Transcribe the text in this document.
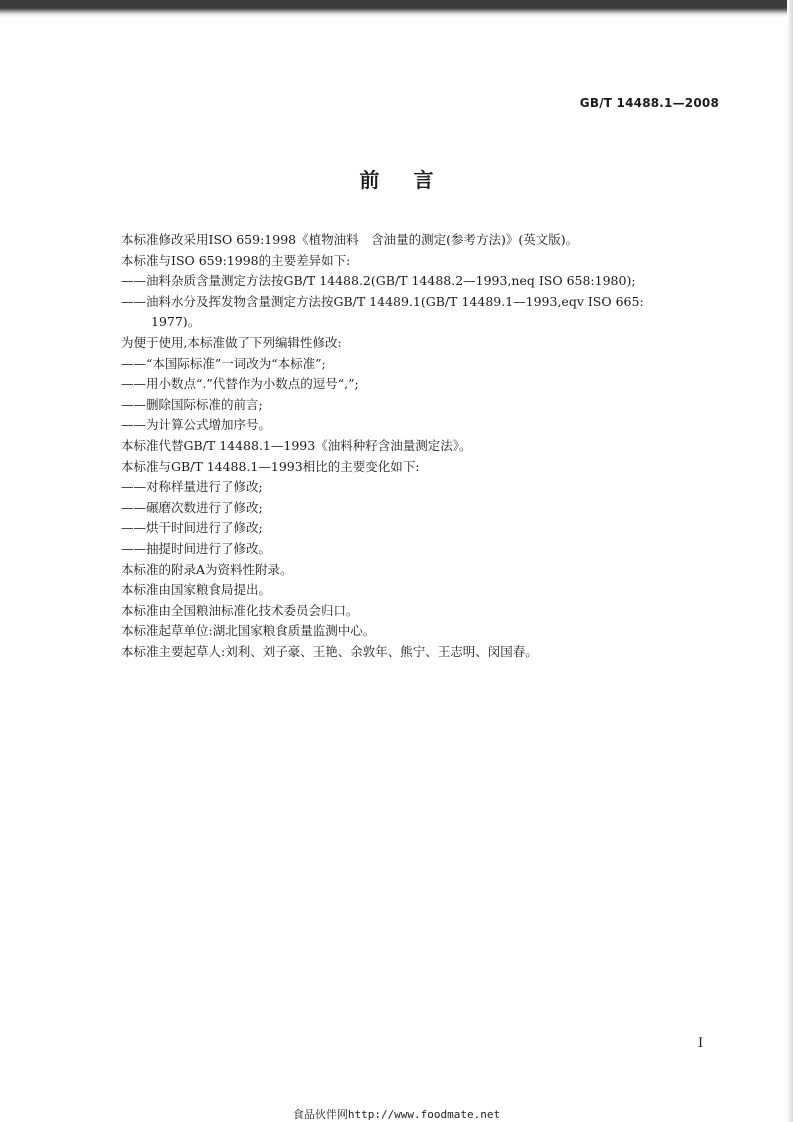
GB/T 14488.1—2008
前言
本标准修改采用ISO 659:1998《植物油料　含油量的测定(参考方法)》(英文版)。
本标准与ISO 659:1998的主要差异如下:
——油料杂质含量测定方法按GB/T 14488.2(GB/T 14488.2—1993,neq ISO 658:1980);
——油料水分及挥发物含量测定方法按GB/T 14489.1(GB/T 14489.1—1993,eqv ISO 665:
1977)。
为便于使用,本标准做了下列编辑性修改:
——“本国际标准”一词改为“本标准”;
——用小数点“.”代替作为小数点的逗号“,”;
——删除国际标准的前言;
——为计算公式增加序号。
本标准代替GB/T 14488.1—1993《油料种籽含油量测定法》。
本标准与GB/T 14488.1—1993相比的主要变化如下:
——对称样量进行了修改;
——碾磨次数进行了修改;
——烘干时间进行了修改;
——抽提时间进行了修改。
本标准的附录A为资料性附录。
本标准由国家粮食局提出。
本标准由全国粮油标准化技术委员会归口。
本标准起草单位:湖北国家粮食质量监测中心。
本标准主要起草人:刘利、刘子豪、王艳、余敦年、熊宁、王志明、闵国春。
I
食品伙伴网http://www.foodmate.net
